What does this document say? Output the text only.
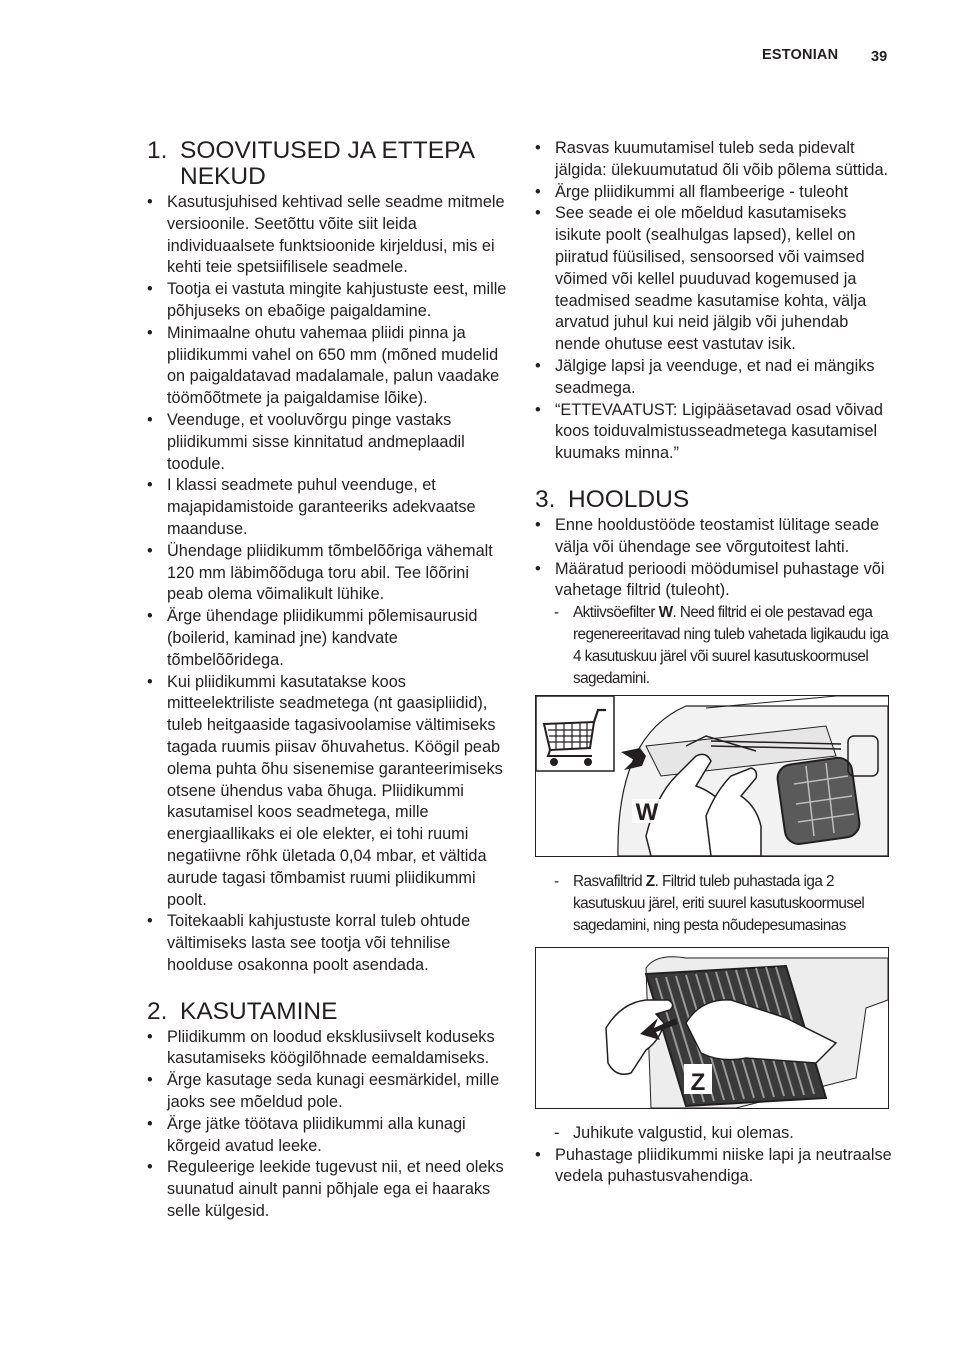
ESTONIAN 39
1. SOOVITUSED JA ETTEPA NEKUD
• Kasutusjuhised kehtivad selle seadme mitmele versioonile. Seetõttu võite siit leida individuaalsete funktsioonide kirjeldusi, mis ei kehti teie spetsiifilisele seadmele.
• Tootja ei vastuta mingite kahjustuste eest, mille põhjuseks on ebaõige paigaldamine.
• Minimaalne ohutu vahemaa pliidi pinna ja pliidikummi vahel on 650 mm (mõned mudelid on paigaldatavad madalamale, palun vaadake töömõõtmete ja paigaldamise lõike).
• Veenduge, et vooluvõrgu pinge vastaks pliidikummi sisse kinnitatud andmeplaadil toodule.
• I klassi seadmete puhul veenduge, et majapidamistoide garanteeriks adekvaatse maanduse.
• Ühendage pliidikumm tõmbelõõriga vähemalt 120 mm läbimõõduga toru abil. Tee lõõrini peab olema võimalikult lühike.
• Ärge ühendage pliidikummi põlemisaurusid (boilerid, kaminad jne) kandvate tõmbelõõridega.
• Kui pliidikummi kasutatakse koos mitteelektriliste seadmetega (nt gaasipliidid), tuleb heitgaaside tagasivoolamise vältimiseks tagada ruumis piisav õhuvahetus. Köögil peab olema puhta õhu sisenemise garanteerimiseks otsene ühendus vaba õhuga. Pliidikummi kasutamisel koos seadmetega, mille energiaallikaks ei ole elekter, ei tohi ruumi negatiivne rõhk ületada 0,04 mbar, et vältida aurude tagasi tõmbamist ruumi pliidikummi poolt.
• Toitekaabli kahjustuste korral tuleb ohtude vältimiseks lasta see tootja või tehnilise hoolduse osakonna poolt asendada.
2. KASUTAMINE
• Pliidikumm on loodud eksklusiivselt koduseks kasutamiseks köögilõhnade eemaldamiseks.
• Ärge kasutage seda kunagi eesmärkidel, mille jaoks see mõeldud pole.
• Ärge jätke töötava pliidikummi alla kunagi kõrgeid avatud leeke.
• Reguleerige leekide tugevust nii, et need oleks suunatud ainult panni põhjale ega ei haaraks selle külgesid.
• Rasvas kuumutamisel tuleb seda pidevalt jälgida: ülekuumutatud õli võib põlema süttida.
• Ärge pliidikummi all flambeerige - tuleoht
• See seade ei ole mõeldud kasutamiseks isikute poolt (sealhulgas lapsed), kellel on piiratud füüsilised, sensoorsed või vaimsed võimed või kellel puuduvad kogemused ja teadmised seadme kasutamise kohta, välja arvatud juhul kui neid jälgib või juhendab nende ohutuse eest vastutav isik.
• Jälgige lapsi ja veenduge, et nad ei mängiks seadmega.
• “ETTEVAATUST: Ligipääsetavad osad võivad koos toiduvalmistusseadmetega kasutamisel kuumaks minna.”
3. HOOLDUS
• Enne hooldustööde teostamist lülitage seade välja või ühendage see võrgutoitest lahti.
• Määratud perioodi möödumisel puhastage või vahetage filtrid (tuleoht).
- Aktiivsöefilter W. Need filtrid ei ole pestavad ega regenereeritavad ning tuleb vahetada ligikaudu iga 4 kasutuskuu järel või suurel kasutuskoormusel sagedamini.
W
- Rasvafiltrid Z. Filtrid tuleb puhastada iga 2 kasutuskuu järel, eriti suurel kasutuskoormusel sagedamini, ning pesta nõudepesumasinas
Z
- Juhikute valgustid, kui olemas.
• Puhastage pliidikummi niiske lapi ja neutraalse vedela puhastusvahendiga.
